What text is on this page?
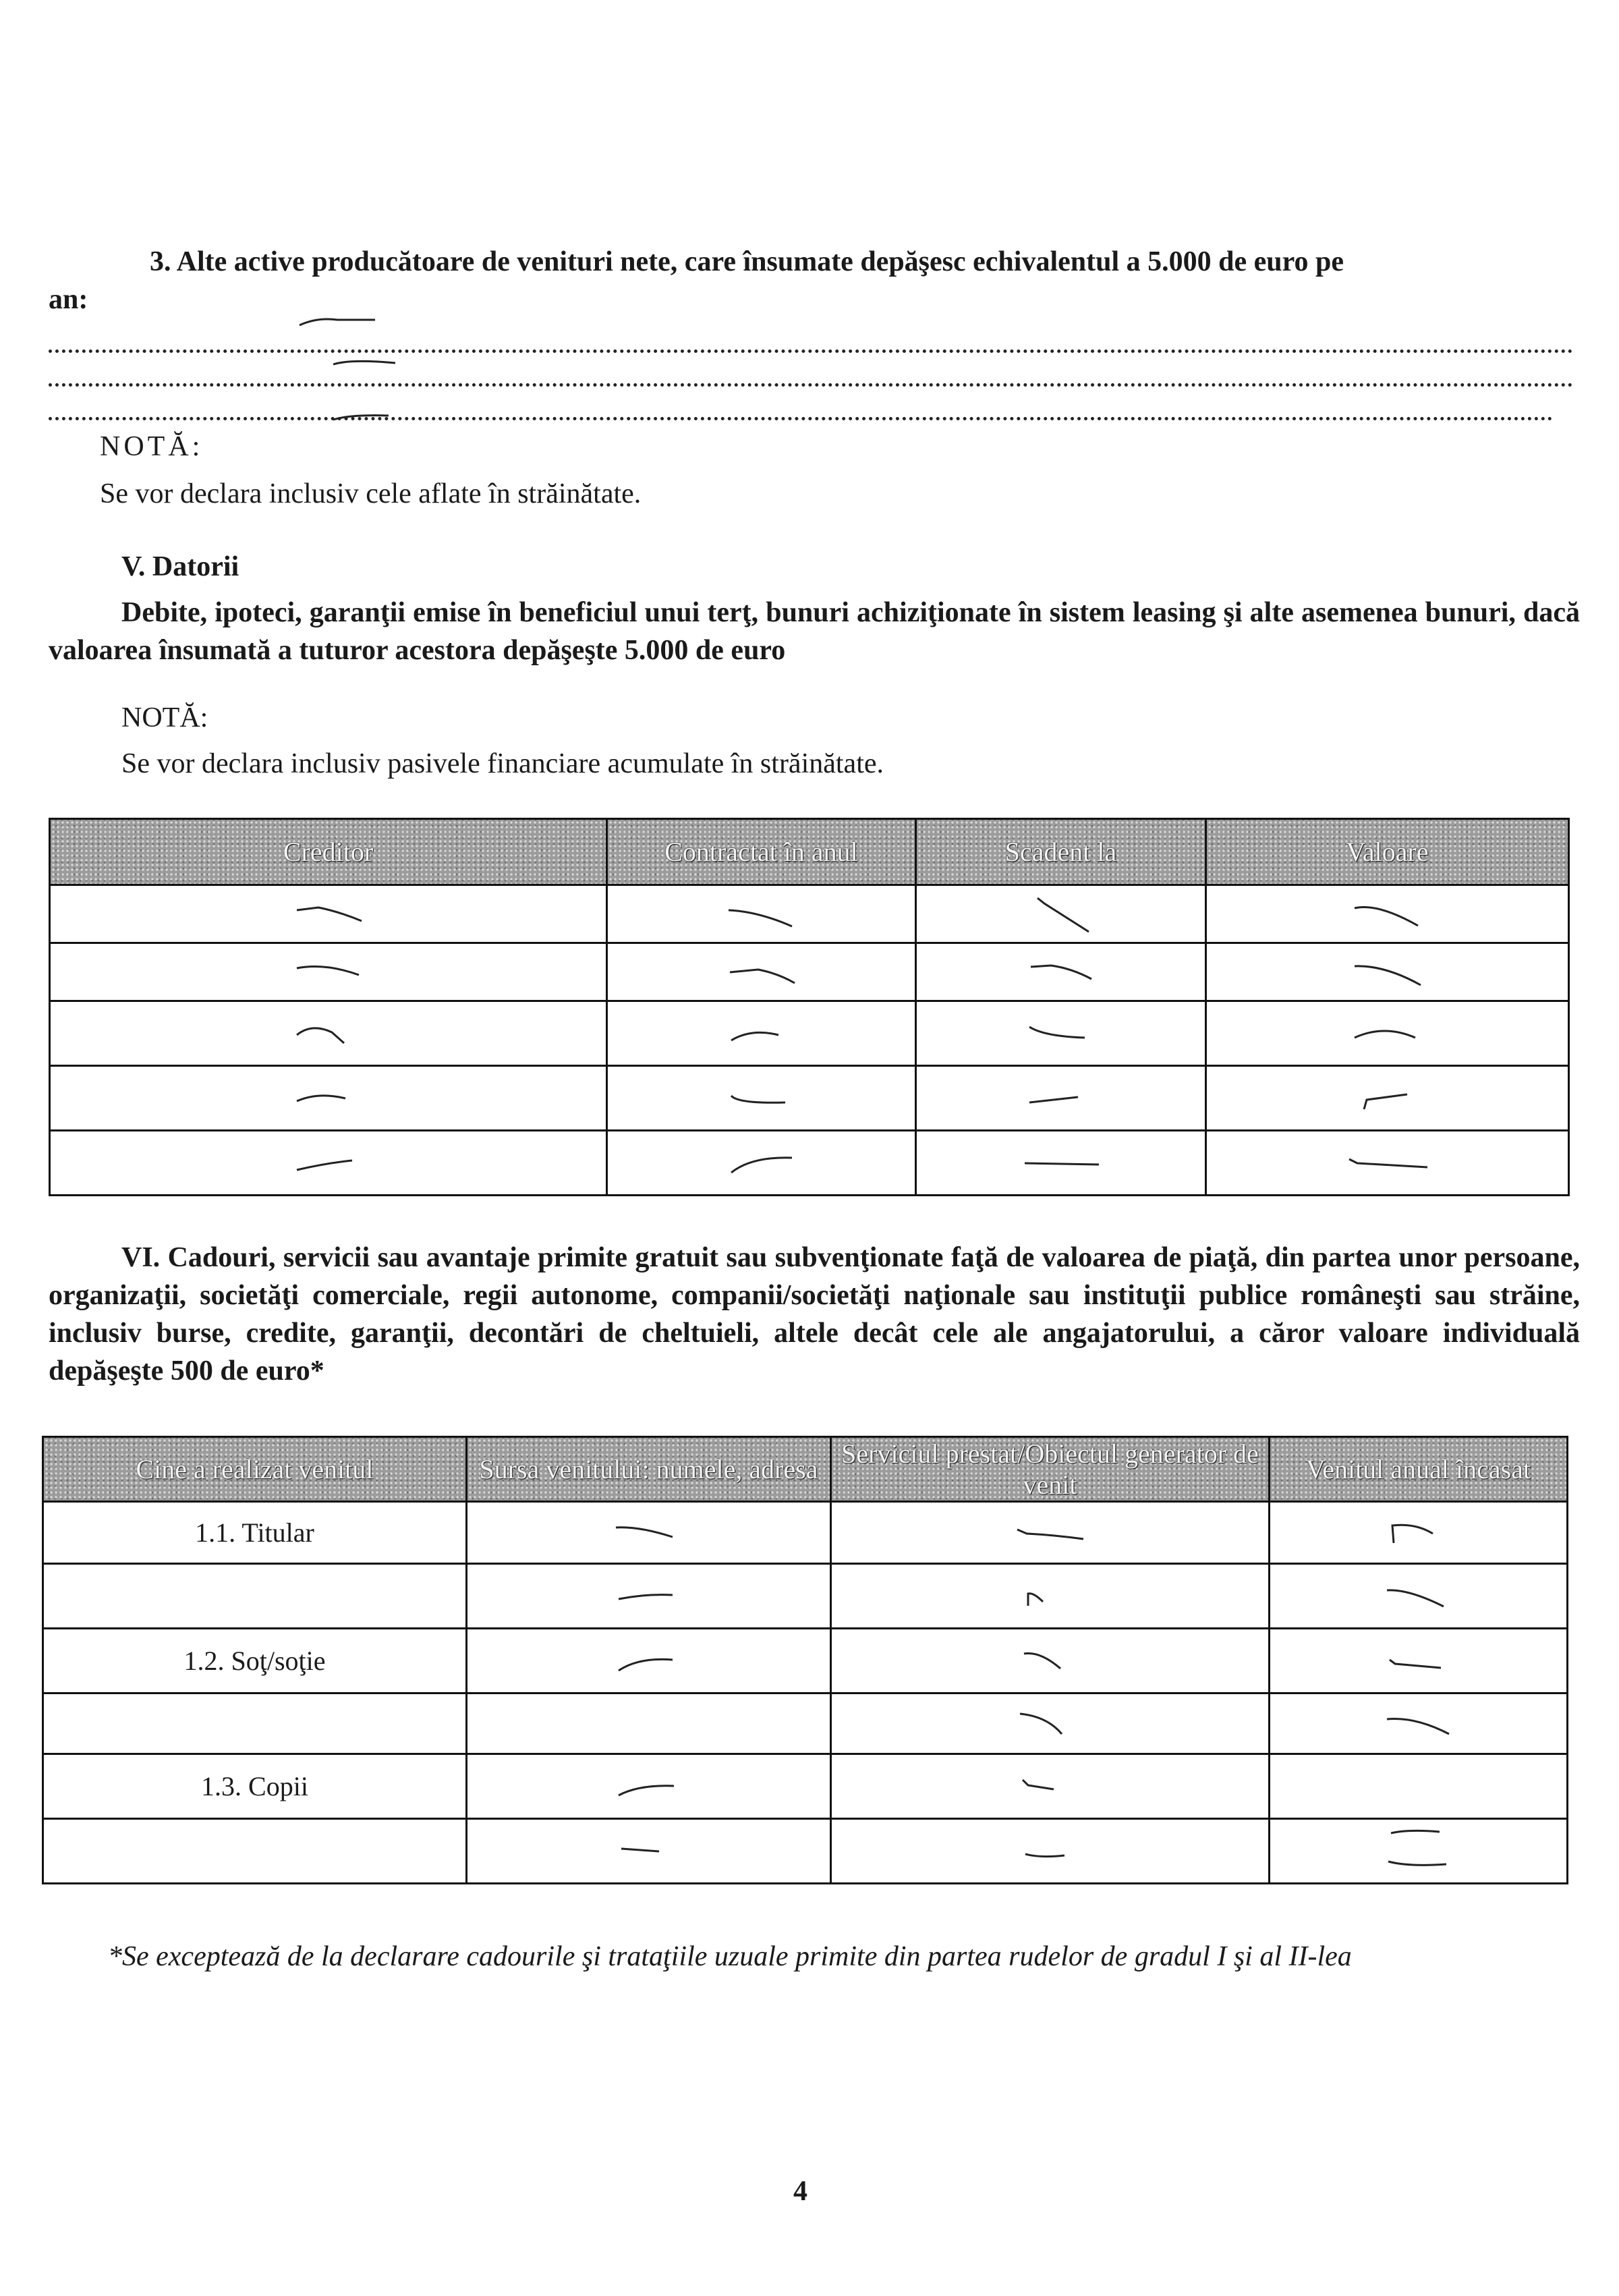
3. Alte active producătoare de venituri nete, care însumate depăşesc echivalentul a 5.000 de euro pe
an:
NOTĂ:
Se vor declara inclusiv cele aflate în străinătate.
V. Datorii
Debite, ipoteci, garanţii emise în beneficiul unui terţ, bunuri achiziţionate în sistem leasing şi alte asemenea bunuri, dacă valoarea însumată a tuturor acestora depăşeşte 5.000 de euro
NOTĂ:
Se vor declara inclusiv pasivele financiare acumulate în străinătate.
Creditor	Contractat în anul	Scadent la	Valoare

VI. Cadouri, servicii sau avantaje primite gratuit sau subvenţionate faţă de valoarea de piaţă, din partea unor persoane, organizaţii, societăţi comerciale, regii autonome, companii/societăţi naţionale sau instituţii publice româneşti sau străine, inclusiv burse, credite, garanţii, decontări de cheltuieli, altele decât cele ale angajatorului, a căror valoare individuală depăşeşte 500 de euro*
Cine a realizat venitul	Sursa venitului: numele, adresa	Serviciul prestat/Obiectul generator de venit	Venitul anual încasat
1.1. Titular	

1.2. Soţ/soţie	

1.3. Copii	

*Se exceptează de la declarare cadourile şi trataţiile uzuale primite din partea rudelor de gradul I şi al II-lea
4
